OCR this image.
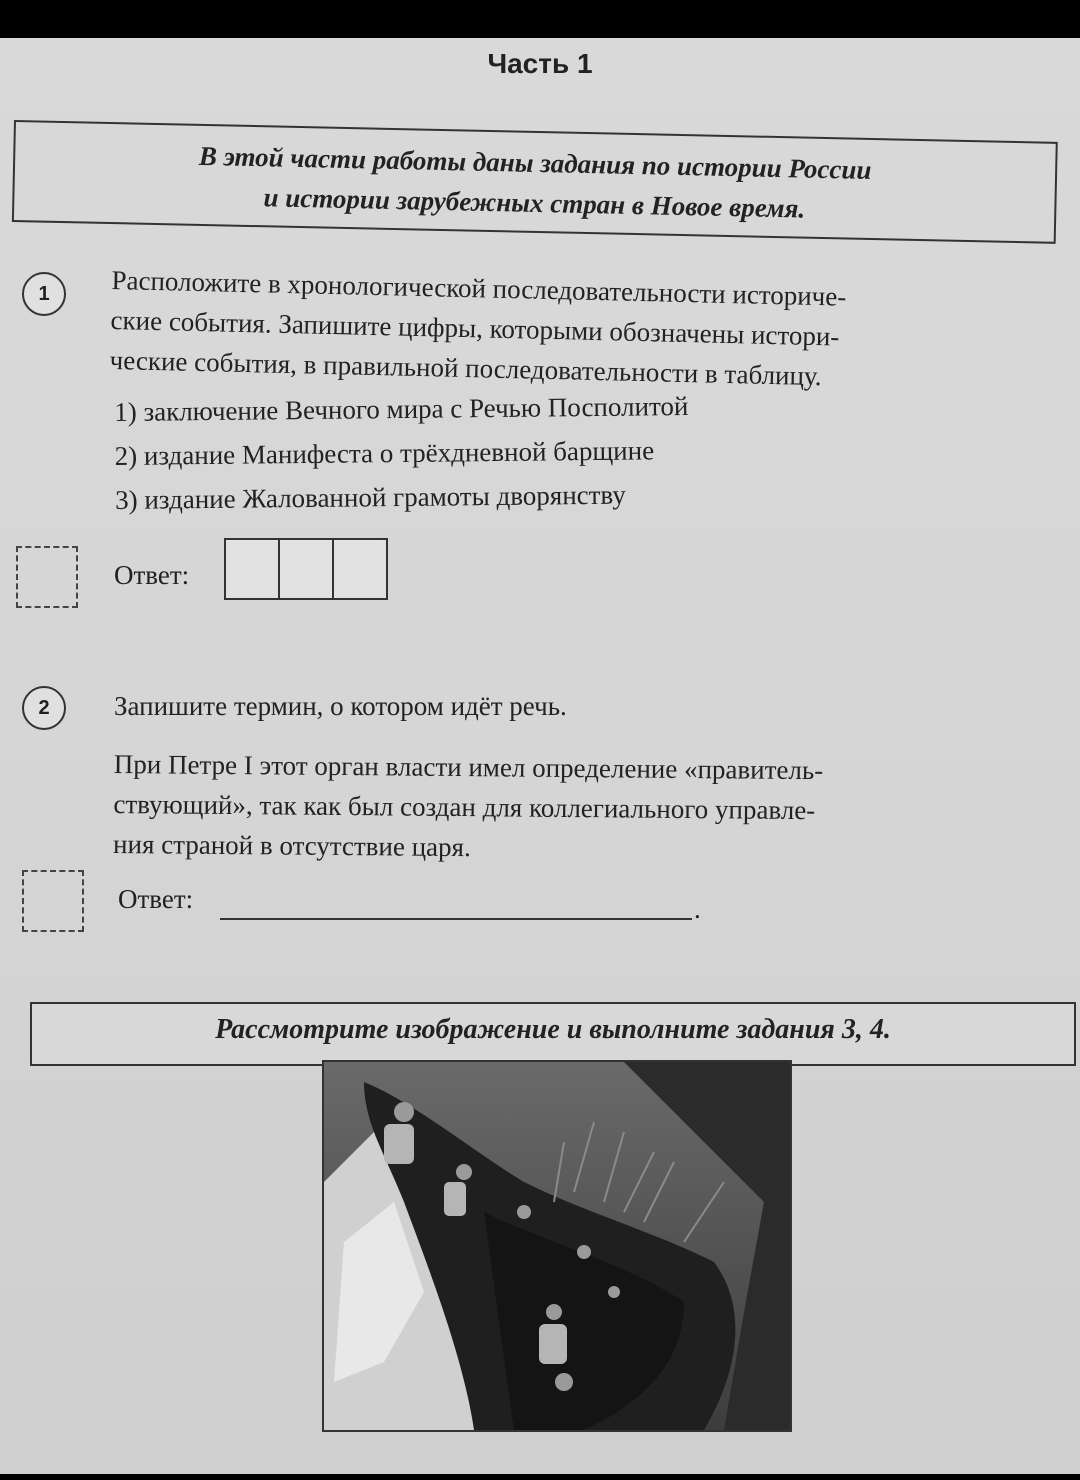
Часть 1
В этой части работы даны задания по истории России
и истории зарубежных стран в Новое время.
1	Расположите в хронологической последовательности историче-
ские события. Запишите цифры, которыми обозначены истори-
ческие события, в правильной последовательности в таблицу.
1) заключение Вечного мира с Речью Посполитой
2) издание Манифеста о трёхдневной барщине
3) издание Жалованной грамоты дворянству
Ответ:
2	Запишите термин, о котором идёт речь.
При Петре I этот орган власти имел определение «правитель-
ствующий», так как был создан для коллегиального управле-
ния страной в отсутствие царя.
Ответ:	.
Рассмотрите изображение и выполните задания 3, 4.
